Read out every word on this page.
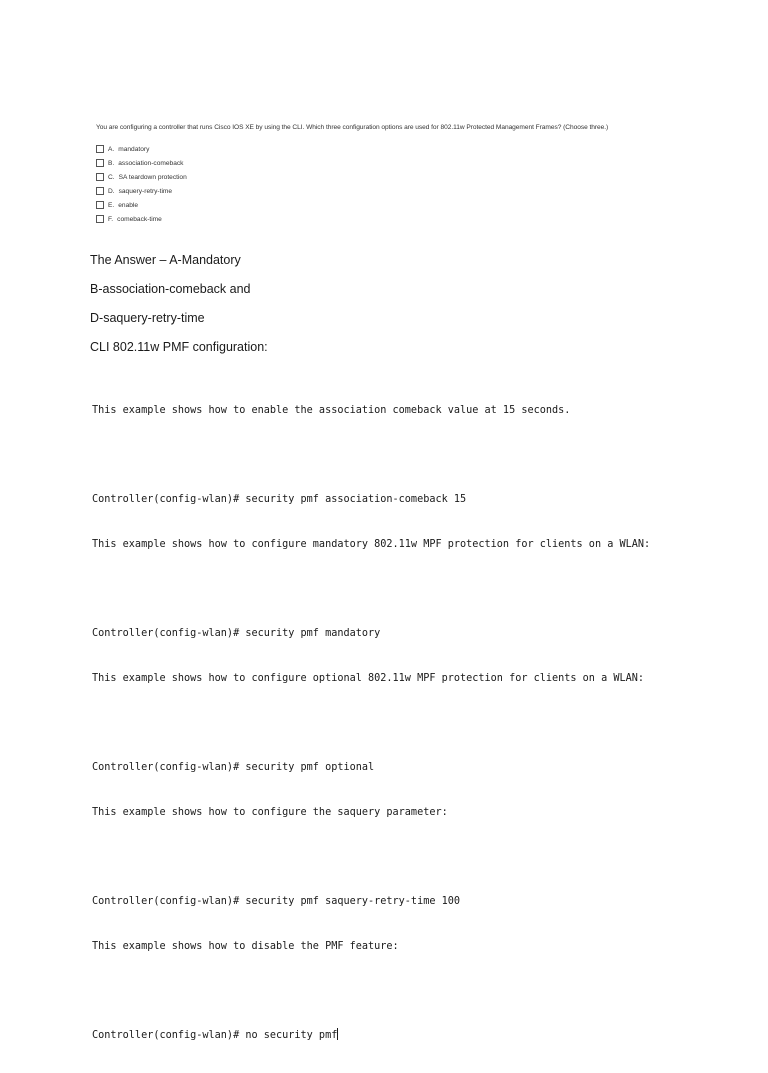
You are configuring a controller that runs Cisco IOS XE by using the CLI. Which three configuration options are used for 802.11w Protected Management Frames? (Choose three.)
A. mandatory
B. association-comeback
C. SA teardown protection
D. saquery-retry-time
E. enable
F. comeback-time
The Answer – A-Mandatory
B-association-comeback and
D-saquery-retry-time
CLI 802.11w PMF configuration:

This example shows how to enable the association comeback value at 15 seconds.

Controller(config-wlan)# security pmf association-comeback 15

This example shows how to configure mandatory 802.11w MPF protection for clients on a WLAN:

Controller(config-wlan)# security pmf mandatory

This example shows how to configure optional 802.11w MPF protection for clients on a WLAN:

Controller(config-wlan)# security pmf optional

This example shows how to configure the saquery parameter:

Controller(config-wlan)# security pmf saquery-retry-time 100

This example shows how to disable the PMF feature:

Controller(config-wlan)# no security pmf
